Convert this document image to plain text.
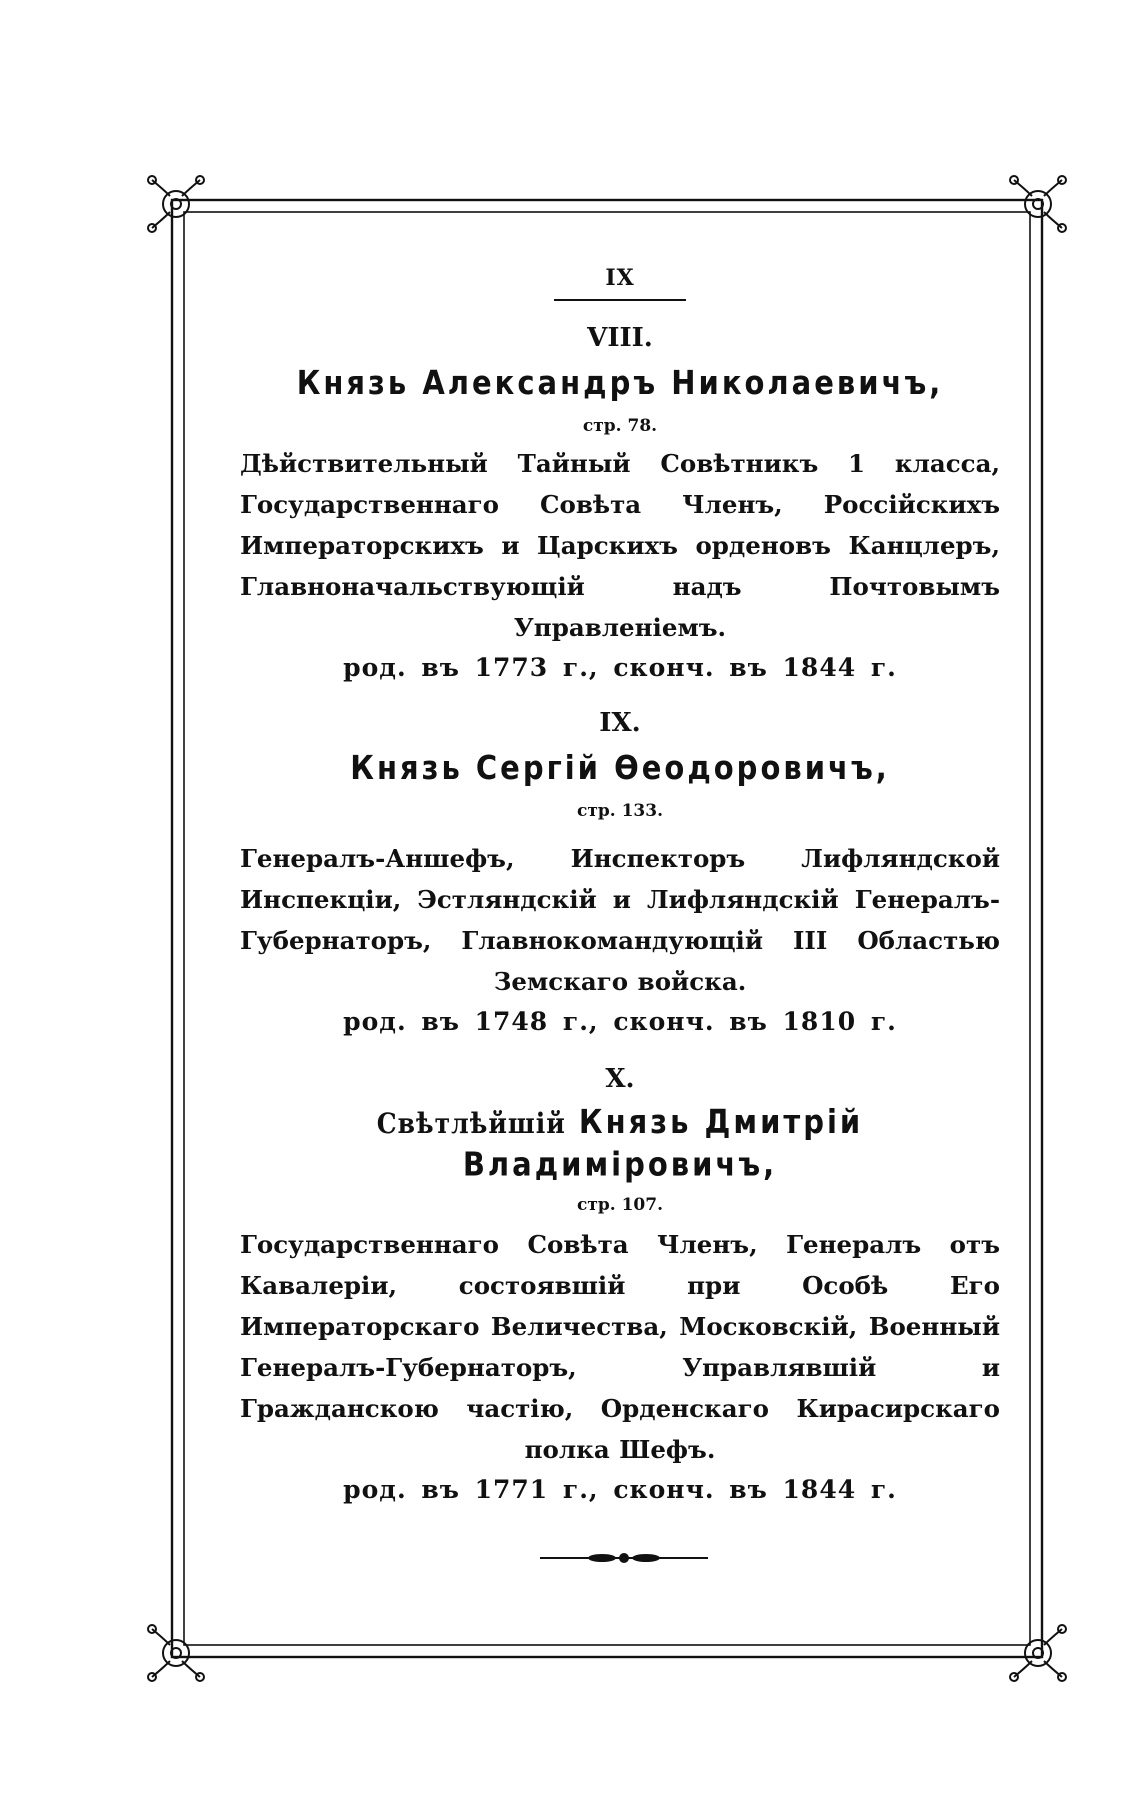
IX
VIII.
Князь Александръ Николаевичъ,
стр. 78.
Дѣйствительный Тайный Совѣтникъ 1 класса, Государственнаго Совѣта Членъ, Россійскихъ Императорскихъ и Царскихъ орденовъ Канцлеръ, Главноначальствующій надъ Почтовымъ Управленіемъ.
род. въ 1773 г., сконч. въ 1844 г.
IX.
Князь Сергій Ѳеодоровичъ,
стр. 133.
Генералъ-Аншефъ, Инспекторъ Лифляндской Инспекціи, Эстляндскій и Лифляндскій Генералъ-Губернаторъ, Главнокомандующій III Областью Земскаго войска.
род. въ 1748 г., сконч. въ 1810 г.
X.
Свѣтлѣйшій Князь Дмитрій Владиміровичъ,
стр. 107.
Государственнаго Совѣта Членъ, Генералъ отъ Кавалеріи, состоявшій при Особѣ Его Императорскаго Величества, Московскій, Военный Генералъ-Губернаторъ, Управлявшій и Гражданскою частію, Орденскаго Кирасирскаго полка Шефъ.
род. въ 1771 г., сконч. въ 1844 г.
